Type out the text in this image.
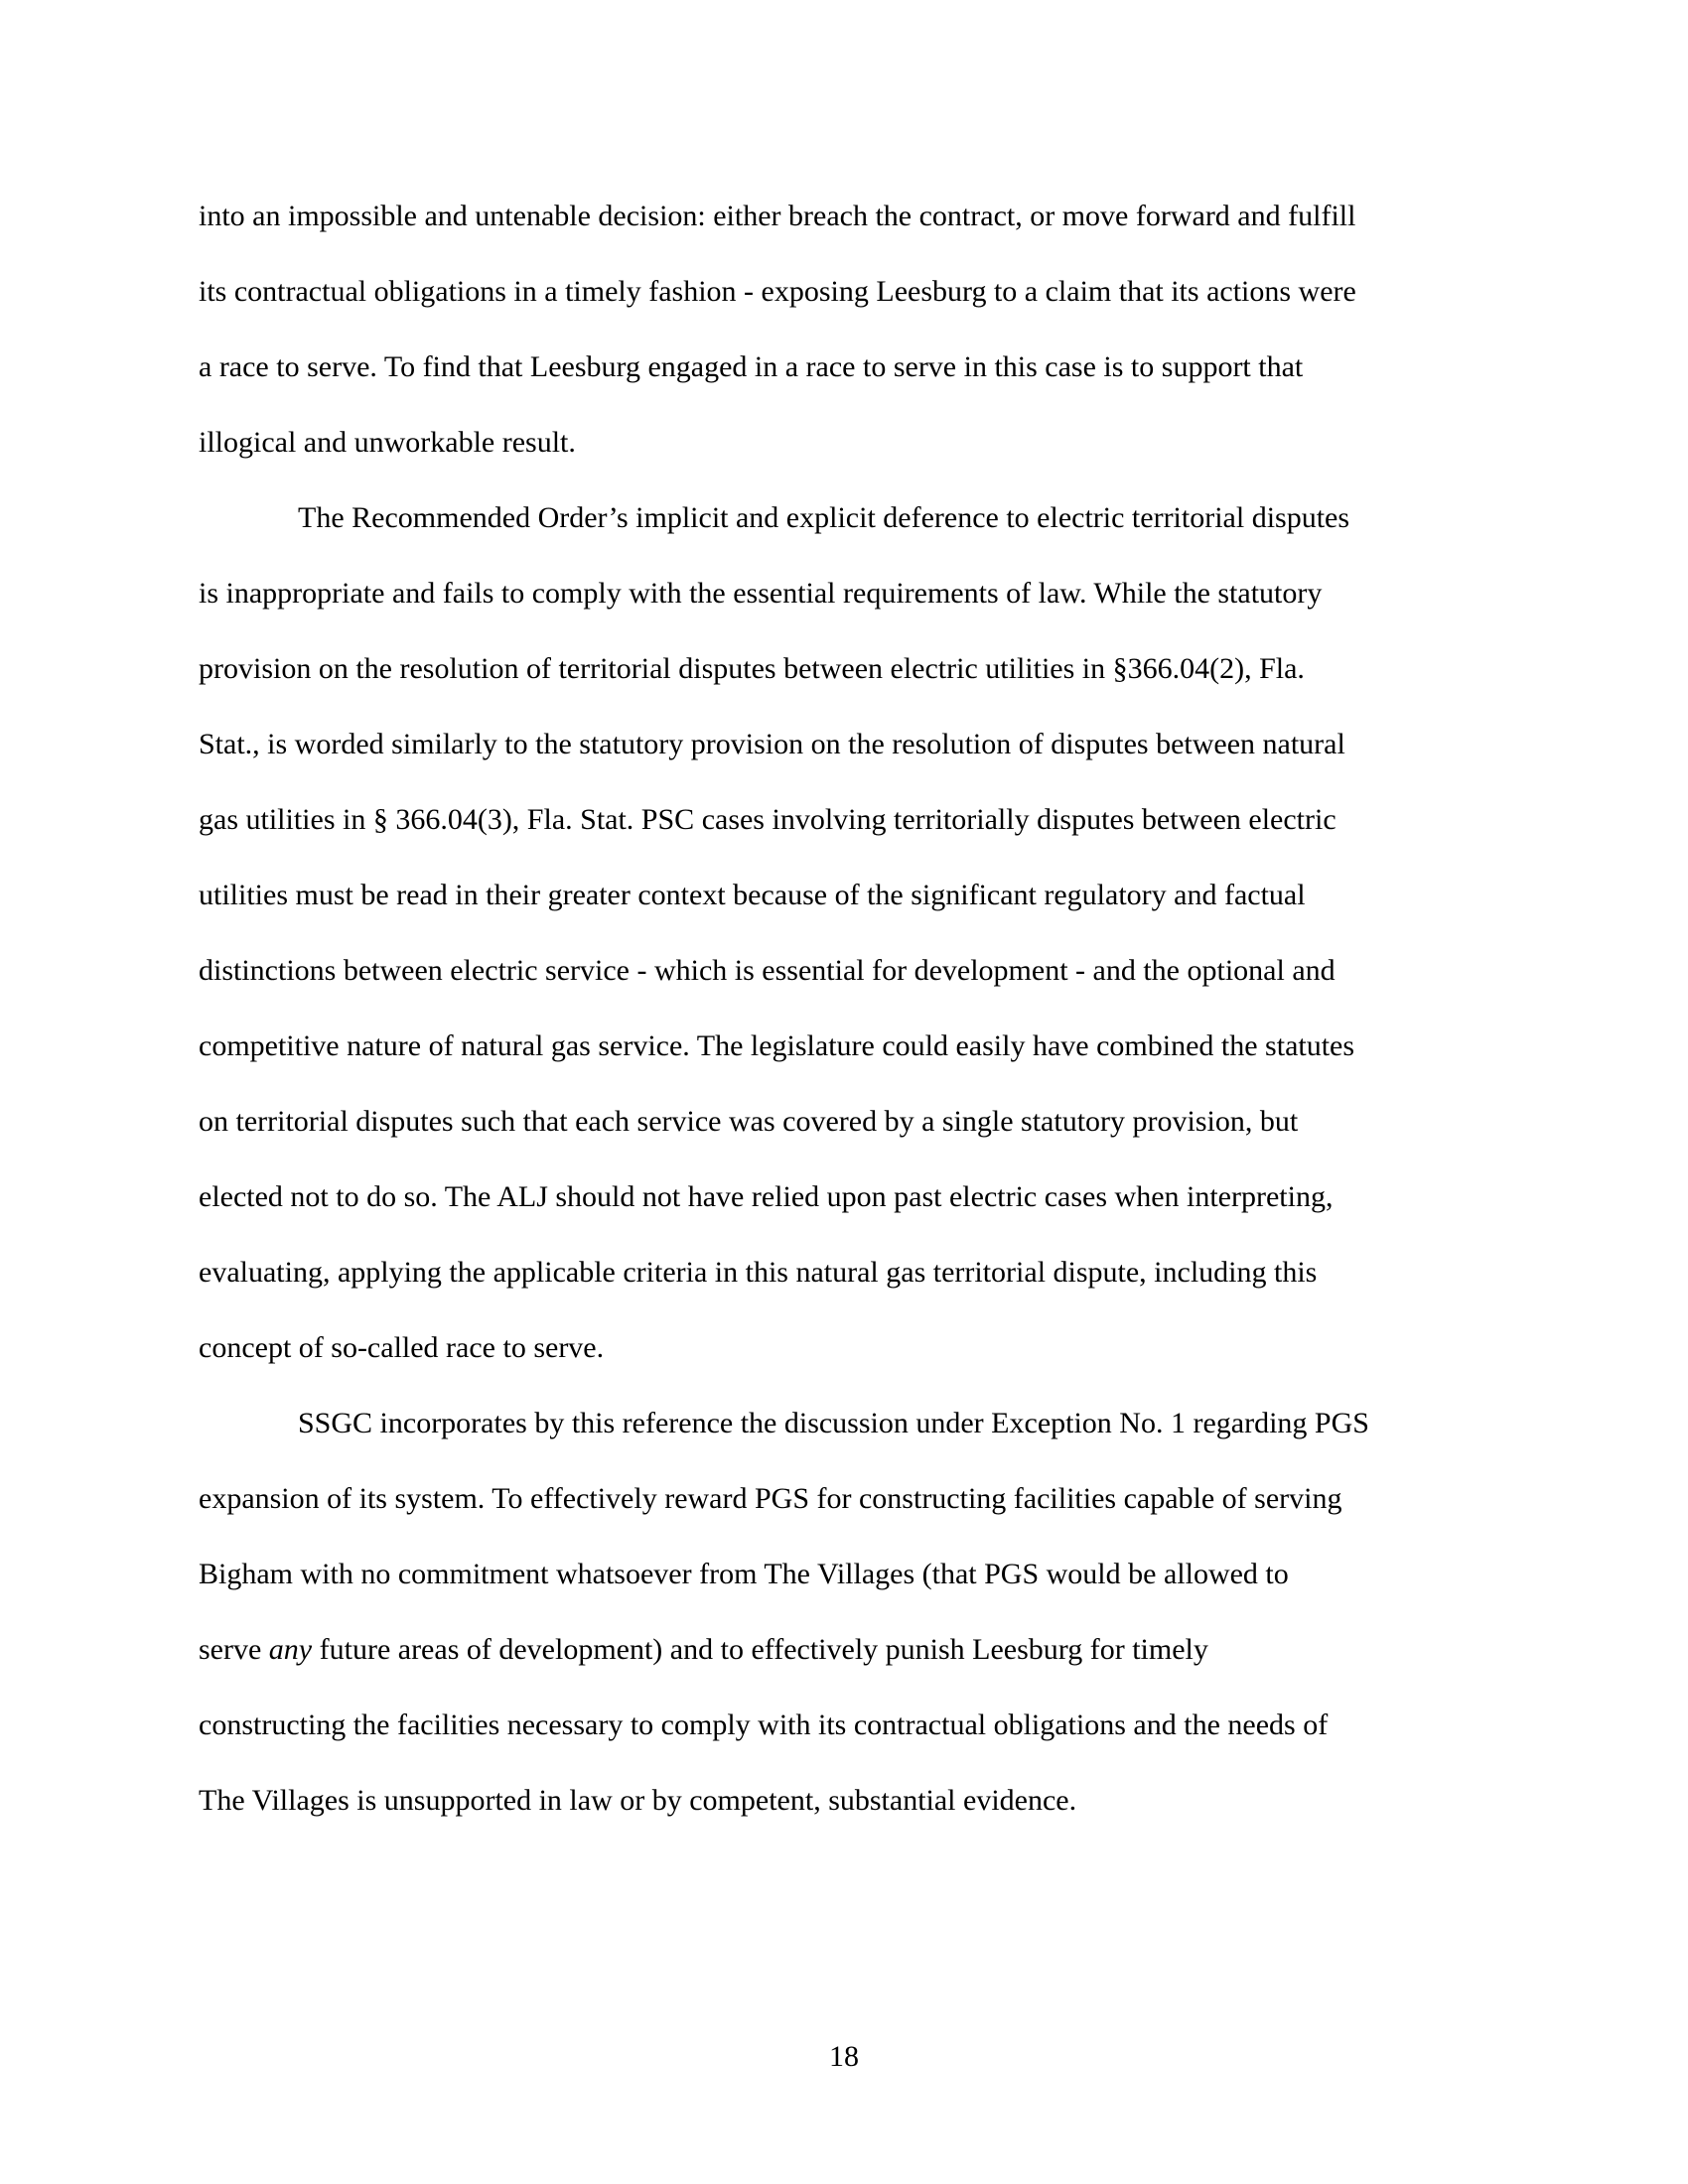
into an impossible and untenable decision: either breach the contract, or move forward and fulfill
its contractual obligations in a timely fashion - exposing Leesburg to a claim that its actions were
a race to serve. To find that Leesburg engaged in a race to serve in this case is to support that
illogical and unworkable result.
The Recommended Order’s implicit and explicit deference to electric territorial disputes
is inappropriate and fails to comply with the essential requirements of law. While the statutory
provision on the resolution of territorial disputes between electric utilities in §366.04(2), Fla.
Stat., is worded similarly to the statutory provision on the resolution of disputes between natural
gas utilities in § 366.04(3), Fla. Stat. PSC cases involving territorially disputes between electric
utilities must be read in their greater context because of the significant regulatory and factual
distinctions between electric service - which is essential for development - and the optional and
competitive nature of natural gas service. The legislature could easily have combined the statutes
on territorial disputes such that each service was covered by a single statutory provision, but
elected not to do so. The ALJ should not have relied upon past electric cases when interpreting,
evaluating, applying the applicable criteria in this natural gas territorial dispute, including this
concept of so-called race to serve.
SSGC incorporates by this reference the discussion under Exception No. 1 regarding PGS
expansion of its system. To effectively reward PGS for constructing facilities capable of serving
Bigham with no commitment whatsoever from The Villages (that PGS would be allowed to
serve any future areas of development) and to effectively punish Leesburg for timely
constructing the facilities necessary to comply with its contractual obligations and the needs of
The Villages is unsupported in law or by competent, substantial evidence.
18
